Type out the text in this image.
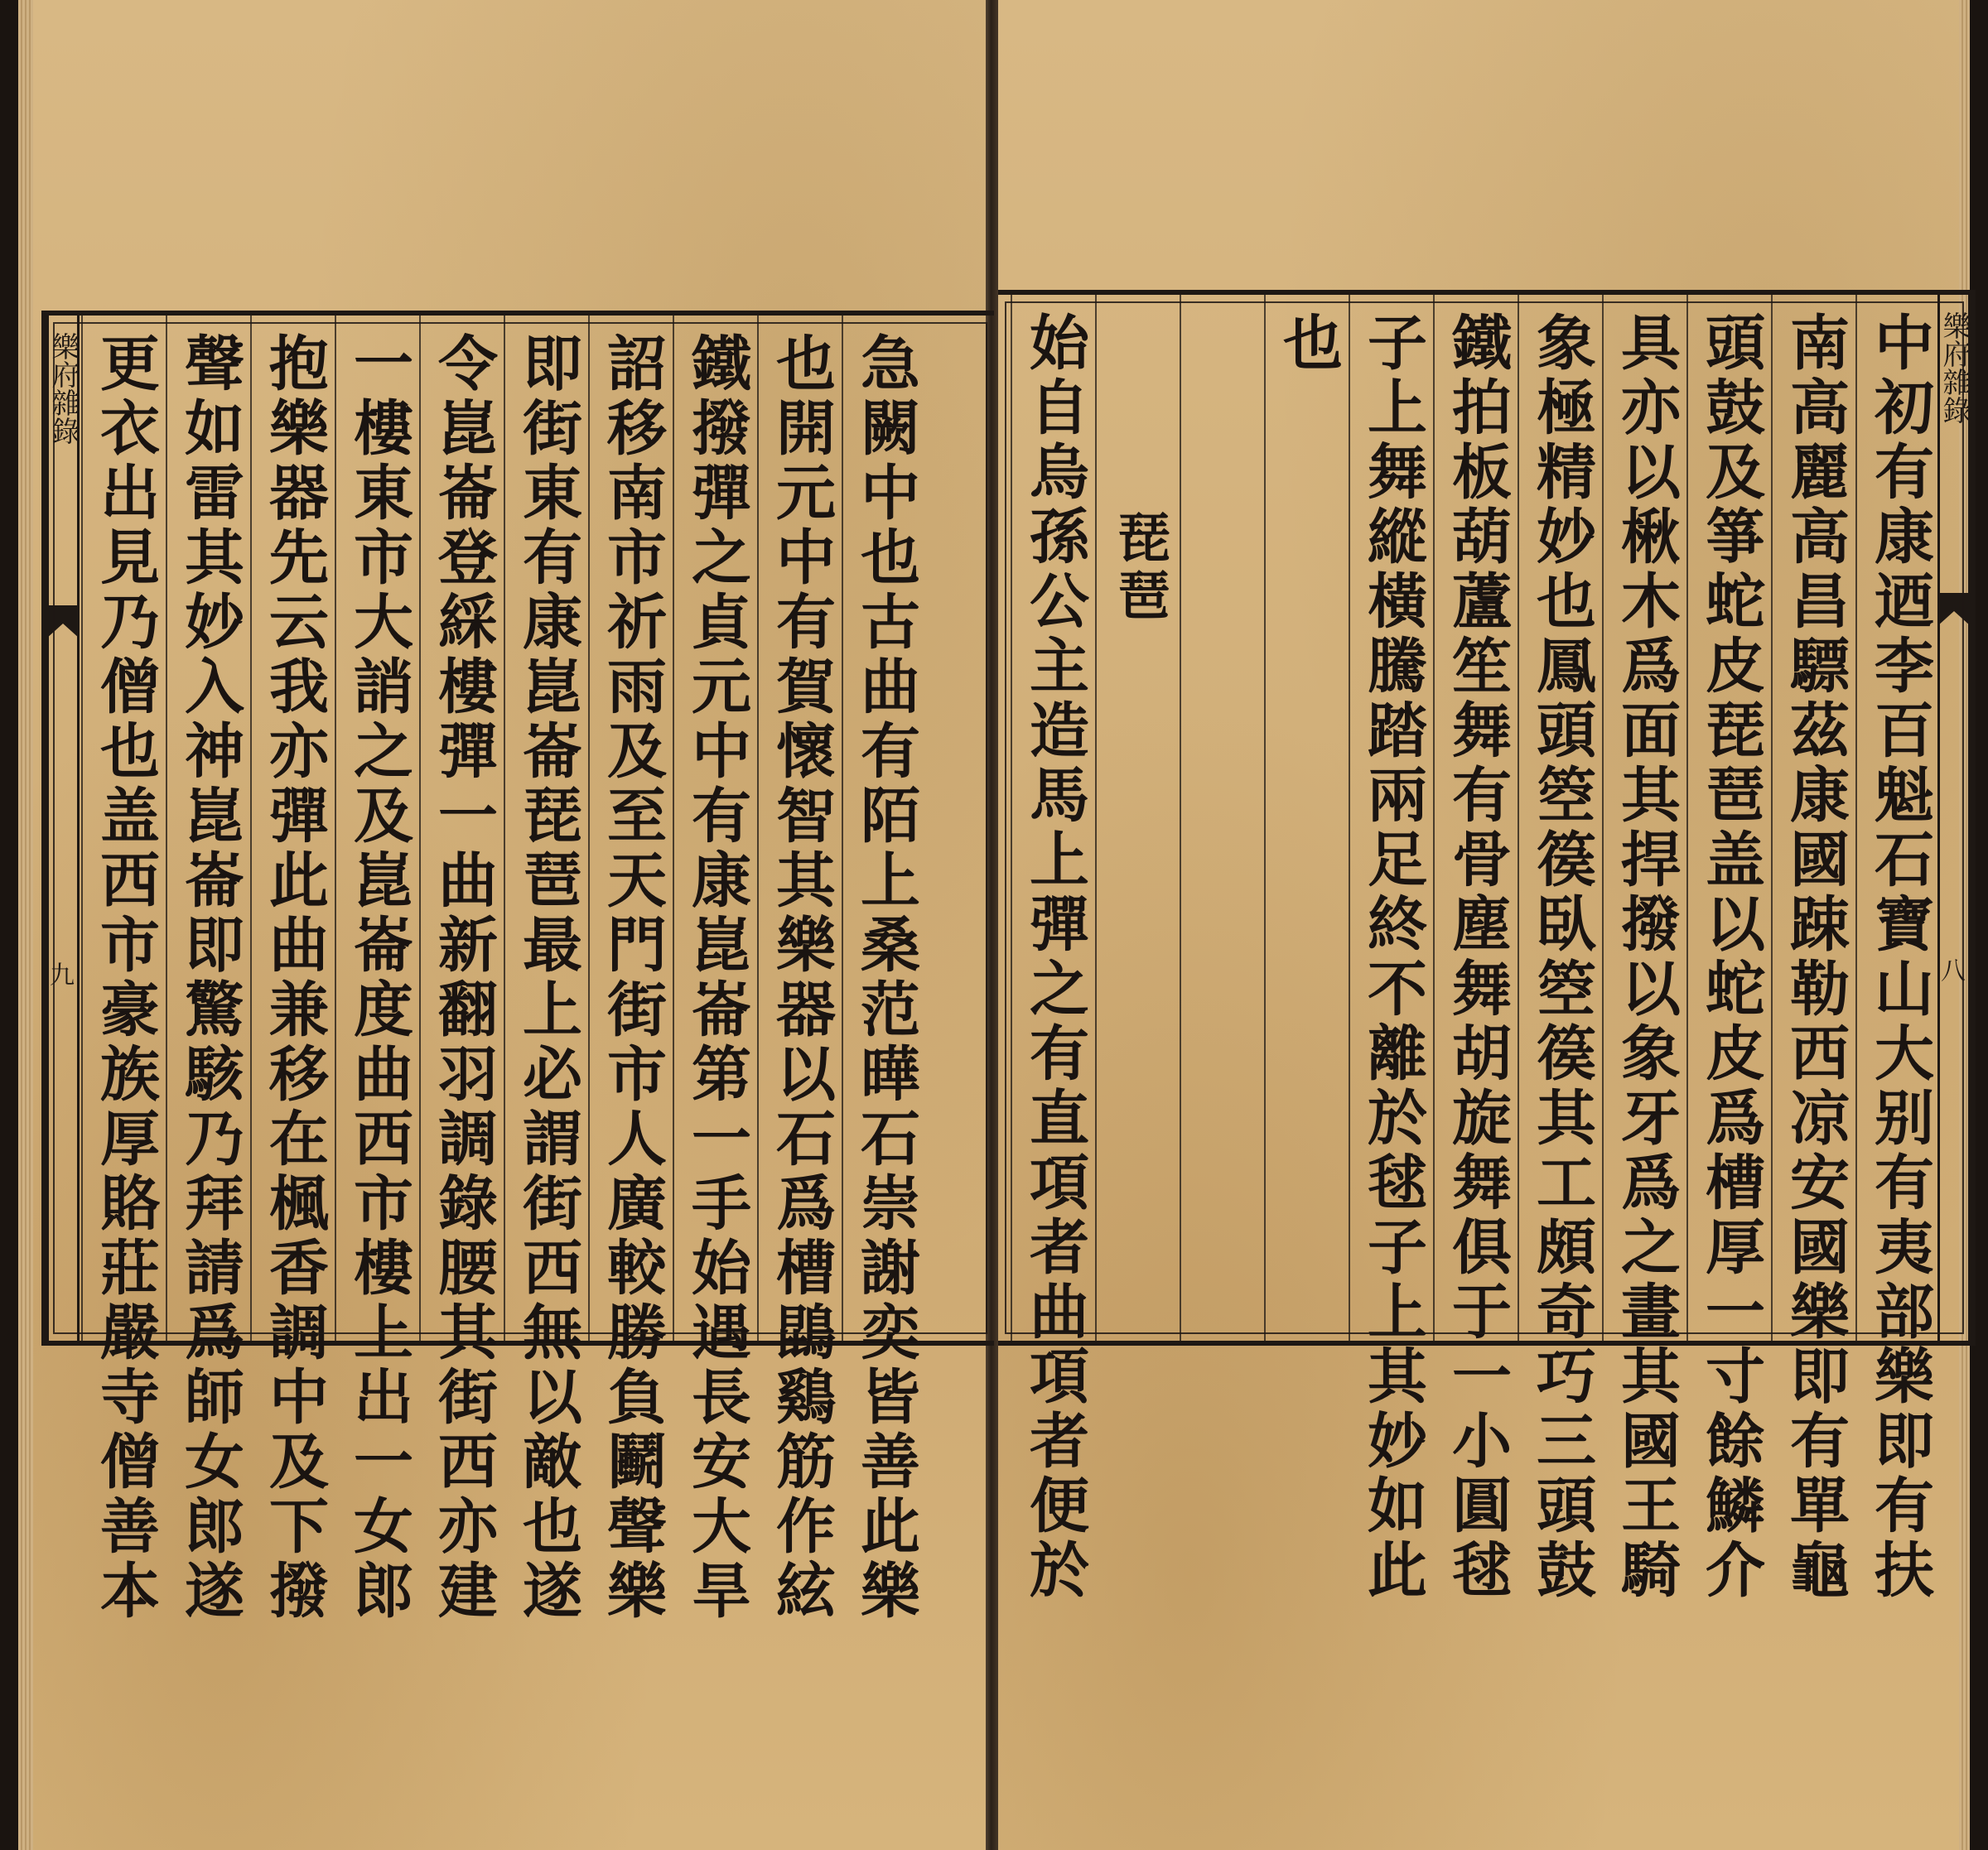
樂府雜錄
九 更衣出見乃僧也盖西市豪族厚賂莊嚴寺僧善本 聲如雷其妙入神崑崙即驚駭乃拜請爲師女郎遂 抱樂器先云我亦彈此曲兼移在楓香調中及下撥 一樓東市大誚之及崑崙度曲西市樓上出一女郎 令崑崙登綵樓彈一曲新翻羽調錄腰其街西亦建 即街東有康崑崙琵琶最上必謂街西無以敵也遂 詔移南市祈雨及至天門街市人廣較勝負鬬聲樂 鐵撥彈之貞元中有康崑崙第一手始遇長安大旱 也開元中有賀懷智其樂器以石爲槽鵾鷄筋作絃 急闕中也古曲有陌上桑范曄石崇謝奕皆善此樂 始自烏孫公主造馬上彈之有直項者曲項者便於 琵琶
也 子上舞縱橫騰踏兩足終不離於毬子上其妙如此 鐵拍板葫蘆笙舞有骨塵舞胡旋舞俱于一小圓毬 象極精妙也鳳頭箜篌臥箜篌其工頗奇巧三頭鼓 具亦以楸木爲面其捍撥以象牙爲之畫其國王騎 頭鼓及箏蛇皮琵琶盖以蛇皮爲槽厚一寸餘鱗介 南高麗高昌驃茲康國踈勒西凉安國樂即有單龜 中初有康迺李百魁石寶山大别有夷部樂即有扶 樂府雜錄
八
